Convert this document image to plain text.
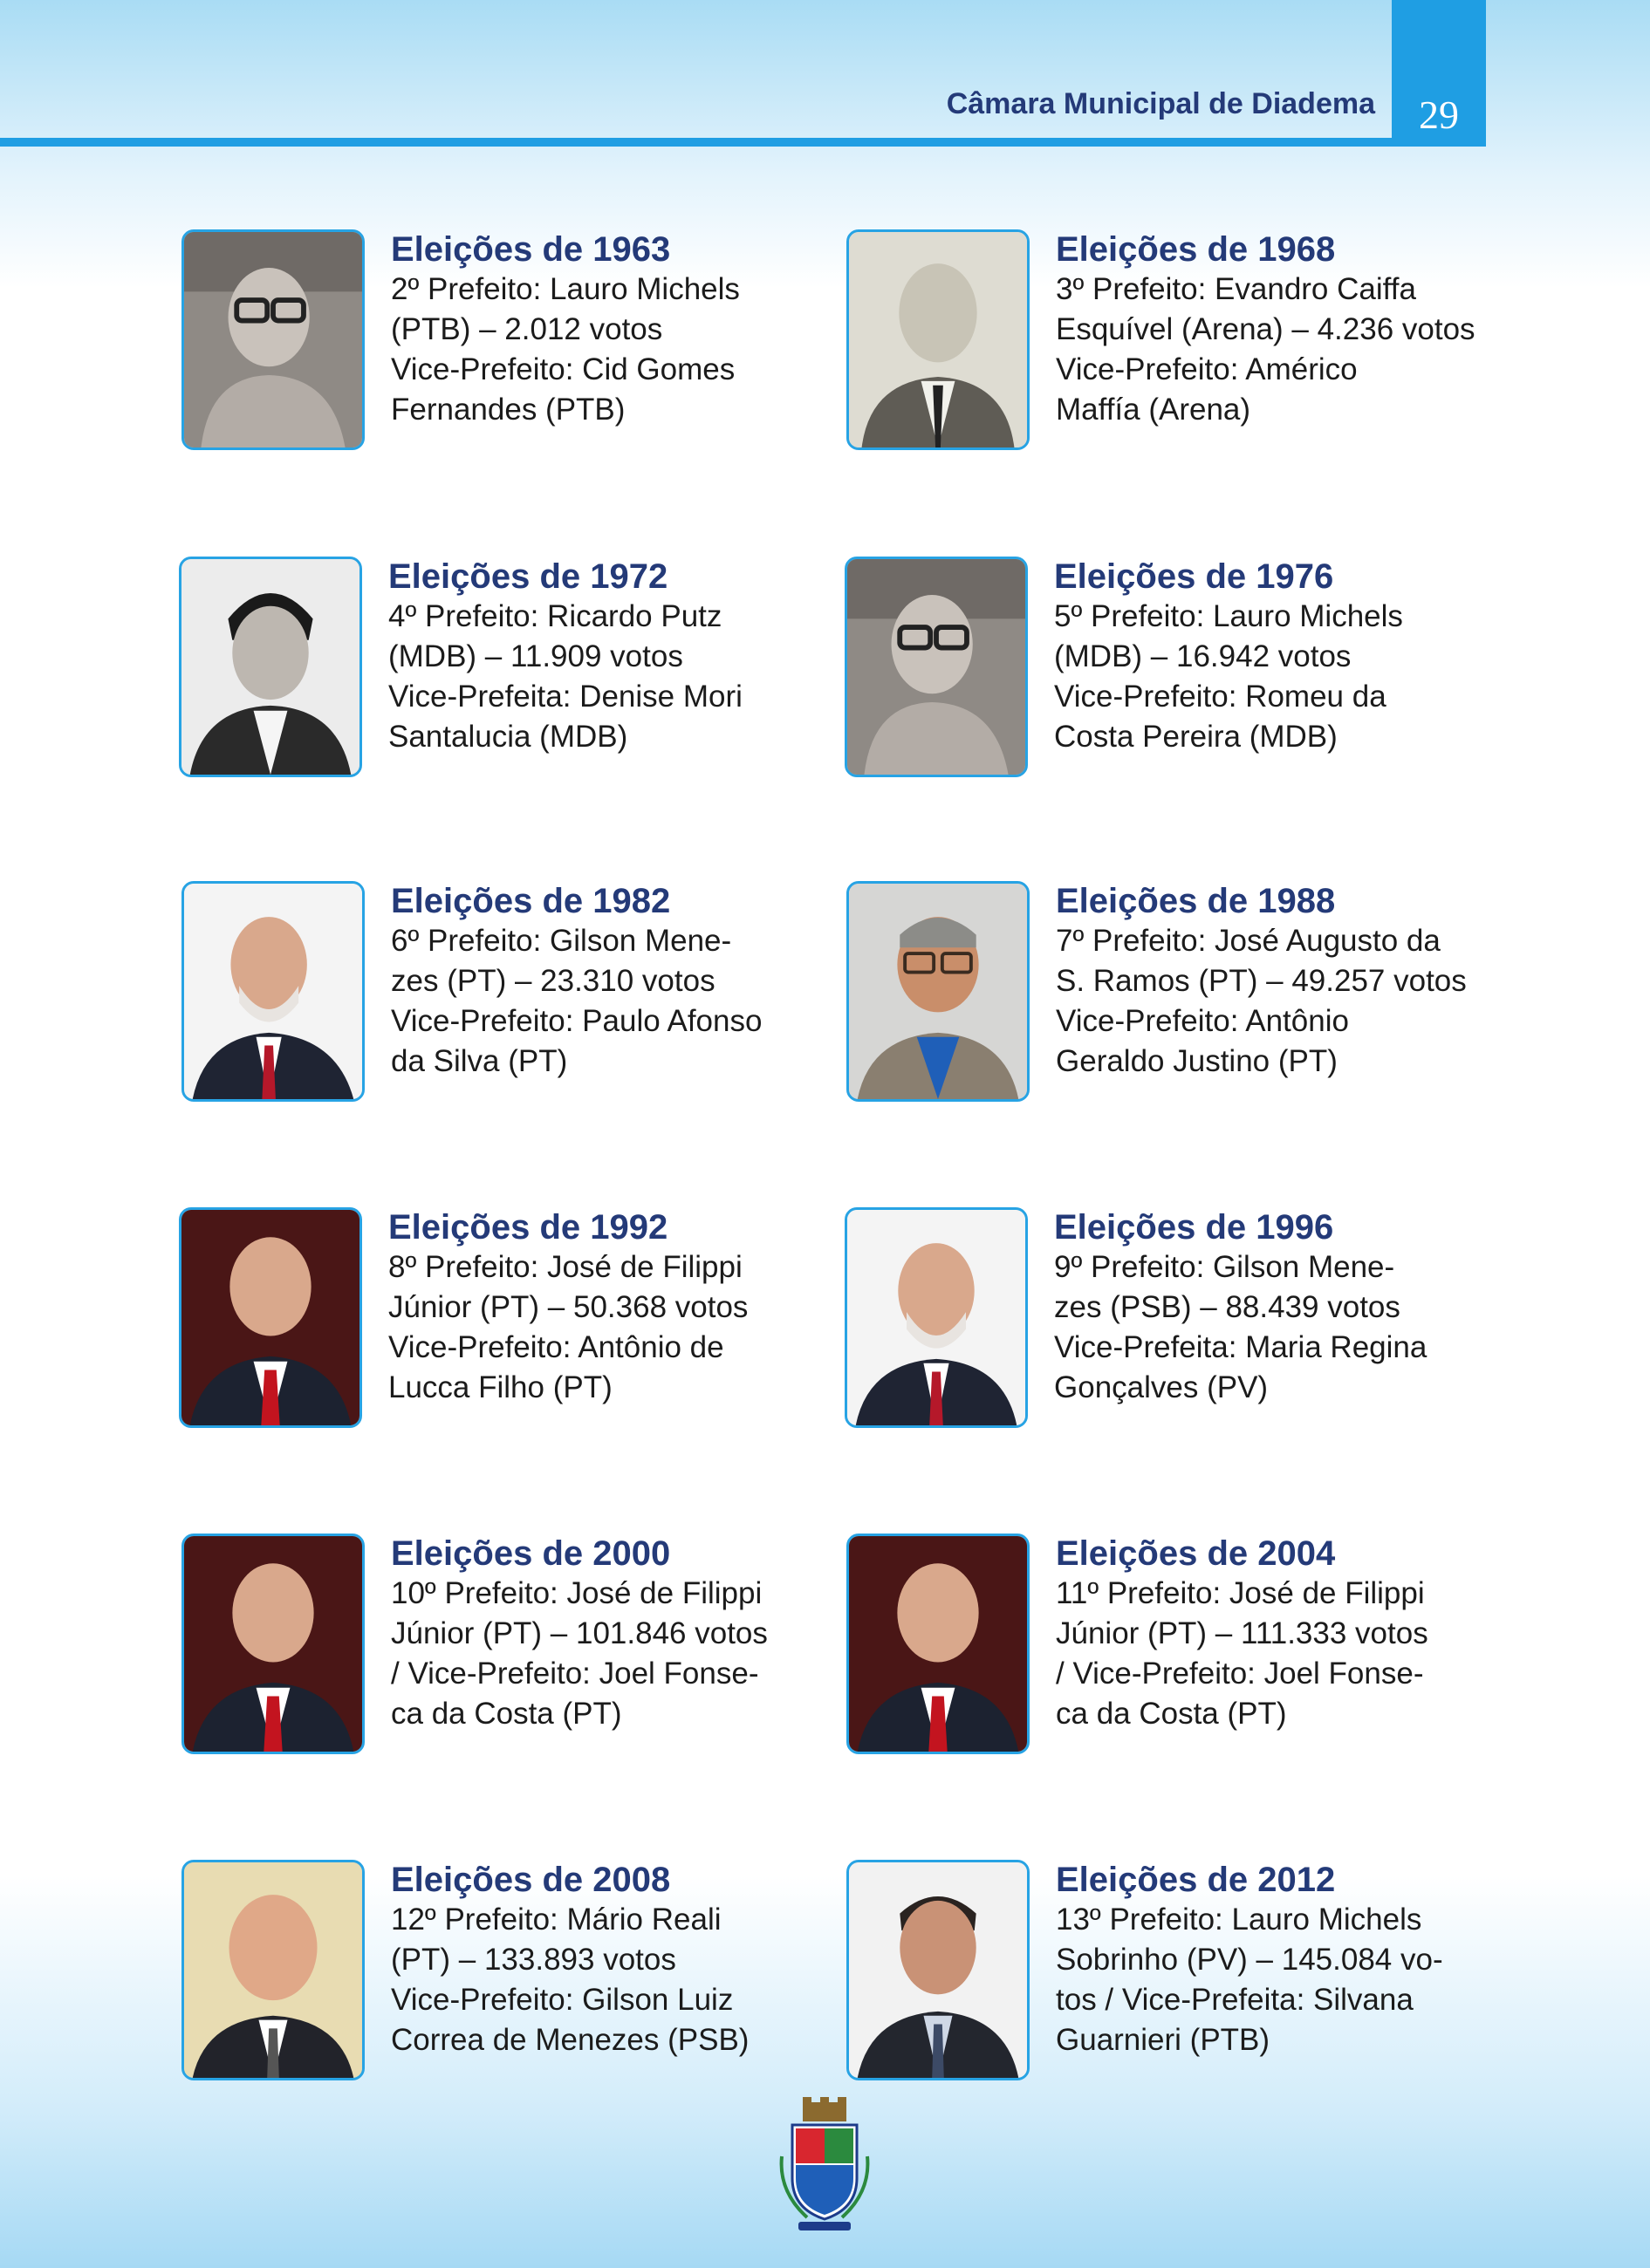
Câmara Municipal de Diadema 29
Eleições de 1963

2º Prefeito: Lauro Michels
(PTB) – 2.012 votos
Vice-Prefeito: Cid Gomes
Fernandes (PTB)

Eleições de 1968

3º Prefeito: Evandro Caiffa
Esquível (Arena) – 4.236 votos
Vice-Prefeito: Américo
Maffía (Arena)

Eleições de 1972

4º Prefeito: Ricardo Putz
(MDB) – 11.909 votos
Vice-Prefeita: Denise Mori
Santalucia (MDB)

Eleições de 1976

5º Prefeito: Lauro Michels
(MDB) – 16.942 votos
Vice-Prefeito: Romeu da
Costa Pereira (MDB)

Eleições de 1982

6º Prefeito: Gilson Mene-
zes (PT) – 23.310 votos
Vice-Prefeito: Paulo Afonso
da Silva (PT)

Eleições de 1988

7º Prefeito: José Augusto da
S. Ramos (PT) – 49.257 votos
Vice-Prefeito: Antônio
Geraldo Justino (PT)

Eleições de 1992

8º Prefeito: José de Filippi
Júnior (PT) – 50.368 votos
Vice-Prefeito: Antônio de
Lucca Filho (PT)

Eleições de 1996

9º Prefeito: Gilson Mene-
zes (PSB) – 88.439 votos
Vice-Prefeita: Maria Regina
Gonçalves (PV)

Eleições de 2000

10º Prefeito: José de Filippi
Júnior (PT) – 101.846 votos
/ Vice-Prefeito: Joel Fonse-
ca da Costa (PT)

Eleições de 2004

11º Prefeito: José de Filippi
Júnior (PT) – 111.333 votos
/ Vice-Prefeito: Joel Fonse-
ca da Costa (PT)

Eleições de 2008

12º Prefeito: Mário Reali
(PT) – 133.893 votos
Vice-Prefeito: Gilson Luiz
Correa de Menezes (PSB)

Eleições de 2012

13º Prefeito: Lauro Michels
Sobrinho (PV) – 145.084 vo-
tos / Vice-Prefeita: Silvana
Guarnieri (PTB)
